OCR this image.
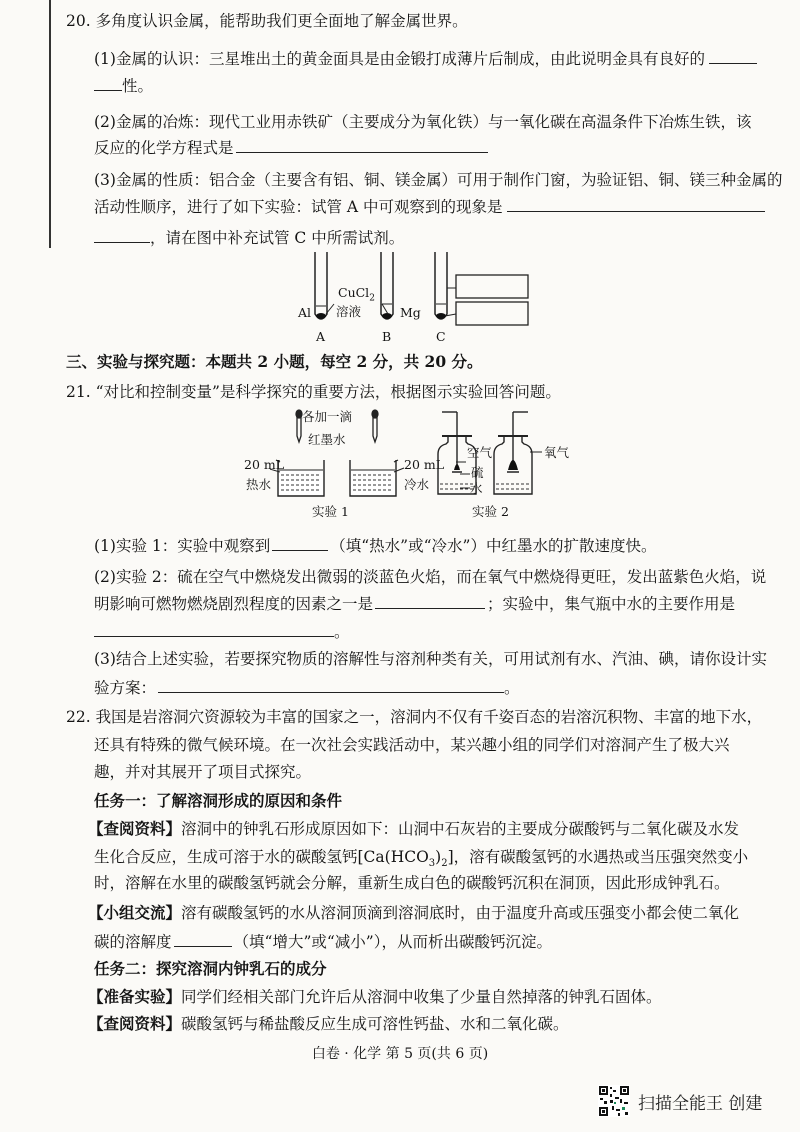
20. 多角度认识金属，能帮助我们更全面地了解金属世界。
(1)金属的认识：三星堆出土的黄金面具是由金锻打成薄片后制成，由此说明金具有良好的
性。
(2)金属的冶炼：现代工业用赤铁矿（主要成分为氧化铁）与一氧化碳在高温条件下冶炼生铁，该
反应的化学方程式是
(3)金属的性质：铝合金（主要含有铝、铜、镁金属）可用于制作门窗，为验证铝、铜、镁三种金属的
活动性顺序，进行了如下实验：试管 A 中可观察到的现象是
，请在图中补充试管 C 中所需试剂。
Al
CuCl$_2$
溶液	Mg
A	B	C
三、实验与探究题：本题共 2 小题，每空 2 分，共 20 分。
21. “对比和控制变量”是科学探究的重要方法，根据图示实验回答问题。
各加一滴
红墨水
20 mL
热水
20 mL
冷水
实验 1
空气
硫
水
氧气
实验 2
(1)实验 1：实验中观察到	（填“热水”或“冷水”）中红墨水的扩散速度快。
(2)实验 2：硫在空气中燃烧发出微弱的淡蓝色火焰，而在氧气中燃烧得更旺，发出蓝紫色火焰，说
明影响可燃物燃烧剧烈程度的因素之一是	；实验中，集气瓶中水的主要作用是
。
(3)结合上述实验，若要探究物质的溶解性与溶剂种类有关，可用试剂有水、汽油、碘，请你设计实
验方案：	。
22. 我国是岩溶洞穴资源较为丰富的国家之一，溶洞内不仅有千姿百态的岩溶沉积物、丰富的地下水，
还具有特殊的微气候环境。在一次社会实践活动中，某兴趣小组的同学们对溶洞产生了极大兴
趣，并对其展开了项目式探究。
任务一：了解溶洞形成的原因和条件
【查阅资料】溶洞中的钟乳石形成原因如下：山洞中石灰岩的主要成分碳酸钙与二氧化碳及水发
生化合反应，生成可溶于水的碳酸氢钙$[Ca(HCO_3)_2]$，溶有碳酸氢钙的水遇热或当压强突然变小
时，溶解在水里的碳酸氢钙就会分解，重新生成白色的碳酸钙沉积在洞顶，因此形成钟乳石。
【小组交流】溶有碳酸氢钙的水从溶洞顶滴到溶洞底时，由于温度升高或压强变小都会使二氧化
碳的溶解度	（填“增大”或“减小”），从而析出碳酸钙沉淀。
任务二：探究溶洞内钟乳石的成分
【准备实验】同学们经相关部门允许后从溶洞中收集了少量自然掉落的钟乳石固体。
【查阅资料】碳酸氢钙与稀盐酸反应生成可溶性钙盐、水和二氧化碳。
白卷 · 化学 第 5 页(共 6 页)
扫描全能王 创建
